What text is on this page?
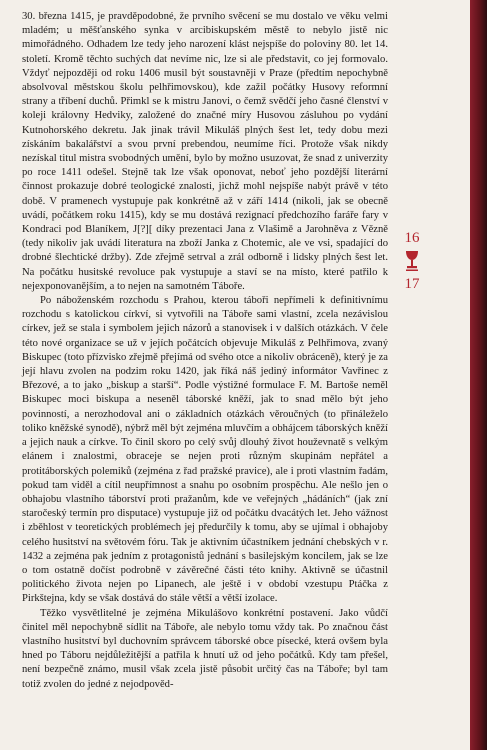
30. března 1415, je pravděpodobné, že prvního svěcení se mu dostalo ve věku velmi mladém; u měšťanského synka v arcibiskupském městě to nebylo jistě nic mimořádného. Odhadem lze tedy jeho narození klást nejspíše do poloviny 80. let 14. století. Kromě těchto suchých dat nevíme nic, lze si ale představit, co jej formovalo. Vždyť nejpozději od roku 1406 musil být soustavněji v Praze (předtím nepochybně absolvoval městskou školu pelhřimovskou), kde zažil počátky Husovy reformní strany a tříbení duchů. Přimkl se k mistru Janovi, o čemž svědčí jeho časné členství v koleji královny Hedviky, založené do značné míry Husovou zásluhou po vydání Kutnohorského dekretu. Jak jinak trávil Mikuláš plných šest let, tedy dobu mezi získáním bakalářství a svou první prebendou, neumíme říci. Protože však nikdy nezískal titul mistra svobodných umění, bylo by možno usuzovat, že snad z univerzity po roce 1411 odešel. Stejně tak lze však oponovat, neboť jeho pozdější literární činnost prokazuje dobré teologické znalosti, jichž mohl nejspíše nabýt právě v této době. V pramenech vystupuje pak konkrétně až v září 1414 (nikoli, jak se obecně uvádí, počátkem roku 1415), kdy se mu dostává rezignací předchozího faráře fary v Kondraci pod Blaníkem, J[?][ díky prezentaci Jana z Vlašimě a Jarohněva z Vězně (tedy nikoliv jak uvádí literatura na zboží Janka z Chotemic, ale ve vsi, spadající do drobné šlechtické držby). Zde zřejmě setrval a zrál odborně i lidsky plných šest let. Na počátku husitské revoluce pak vystupuje a staví se na místo, které patřilo k nejexponovanějším, a to nejen na samotném Táboře.

Po náboženském rozchodu s Prahou, kterou táboři nepřímeli k definitivnímu rozchodu s katolickou církví, si vytvořili na Táboře sami vlastní, zcela nezávislou církev, jež se stala i symbolem jejich názorů a stanovisek i v dalších otázkách. V čele této nové organizace se už v jejích počátcích objevuje Mikuláš z Pelhřimova, zvaný Biskupec (toto přízvisko zřejmě přejímá od svého otce a nikoliv obráceně), který je za její hlavu zvolen na podzim roku 1420, jak říká náš jediný informátor Vavřinec z Březové, a to jako „biskup a starší“. Podle výstižné formulace F. M. Bartoše neměl Biskupec moci biskupa a neseněl táborské kněží, jak to snad mělo být jeho povinností, a nerozhodoval ani o základních otázkách věroučných (to přináleželo toliko kněžské synodě), nýbrž měl být zejména mluvčím a obhájcem táborských kněží a jejich nauk a církve. To činil skoro po celý svůj dlouhý život houževnatě s velkým elánem i znalostmi, obraceje se nejen proti různým skupinám nepřátel a protitáborských polemiků (zejména z řad pražské pravice), ale i proti vlastním řadám, pokud tam viděl a cítil neupřímnost a snahu po osobním prospěchu. Ale nešlo jen o obhajobu vlastního táborství proti pražanům, kde ve veřejných „hádáních“ (jak zní staročeský termín pro disputace) vystupuje již od počátku dvacátých let. Jeho vážnost i zběhlost v teoretických problémech jej předurčily k tomu, aby se ujímal i obhajoby celého husitství na světovém fóru. Tak je aktivním účastníkem jednání chebských v r. 1432 a zejména pak jedním z protagonistů jednání s basilejským koncilem, jak se lze o tom ostatně dočíst podrobně v závěrečné části této knihy. Aktivně se účastnil politického života nejen po Lipanech, ale ještě i v období vzestupu Ptáčka z Pirkštejna, kdy se však dostává do stále větší a větší izolace.

Těžko vysvětlitelné je zejména Mikulášovo konkrétní postavení. Jako vůdčí činitel měl nepochybně sídlit na Táboře, ale nebylo tomu vždy tak. Po značnou část vlastního husitství byl duchovním správcem táborské obce písecké, která ovšem byla hned po Táboru nejdůležitější a patřila k hnutí už od jeho počátků. Kdy tam přešel, není bezpečně známo, musil však zcela jistě působit určitý čas na Táboře; byl tam totiž zvolen do jedné z nejodpověd-

16
17
